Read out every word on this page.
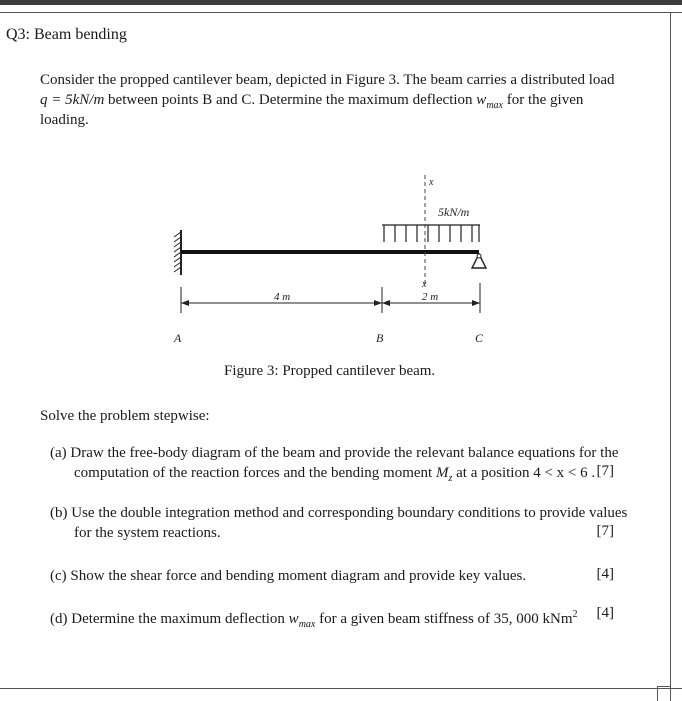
Q3: Beam bending
Consider the propped cantilever beam, depicted in Figure 3. The beam carries a distributed load
q = 5kN/m between points B and C. Determine the maximum deflection $w_{max}$ for the given
loading.
5kN/m
x
x
4 m	2 m
A	B	C
Figure 3: Propped cantilever beam.
Solve the problem stepwise:
(a) Draw the free-body diagram of the beam and provide the relevant balance equations for the
computation of the reaction forces and the bending moment $M_z$ at a position 4 < x < 6 . [7]
(b) Use the double integration method and corresponding boundary conditions to provide values
for the system reactions.	[7]
(c) Show the shear force and bending moment diagram and provide key values.	[4]
(d) Determine the maximum deflection $w_{max}$ for a given beam stiffness of 35, 000 kNm$^2$ [4]
